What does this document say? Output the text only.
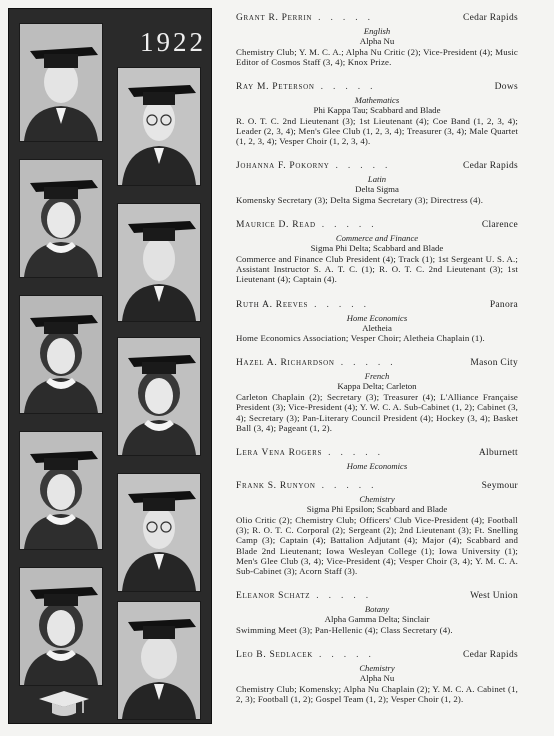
1922
Grant R. Perrin .....	Cedar Rapids
English
Alpha Nu
Chemistry Club; Y. M. C. A.; Alpha Nu Critic (2); Vice-President (4); Music Editor of Cosmos Staff (3, 4); Knox Prize.
Ray M. Peterson .....	Dows
Mathematics
Phi Kappa Tau; Scabbard and Blade
R. O. T. C. 2nd Lieutenant (3); 1st Lieutenant (4); Coe Band (1, 2, 3, 4); Leader (2, 3, 4); Men's Glee Club (1, 2, 3, 4); Treasurer (3, 4); Male Quartet (1, 2, 3, 4); Vesper Choir (1, 2, 3, 4).
Johanna F. Pokorny .....	Cedar Rapids
Latin
Delta Sigma
Komensky Secretary (3); Delta Sigma Secretary (3); Directress (4).
Maurice D. Read .....	Clarence
Commerce and Finance
Sigma Phi Delta; Scabbard and Blade
Commerce and Finance Club President (4); Track (1); 1st Sergeant U. S. A.; Assistant Instructor S. A. T. C. (1); R. O. T. C. 2nd Lieutenant (3); 1st Lieutenant (4); Captain (4).
Ruth A. Reeves .....	Panora
Home Economics
Aletheia
Home Economics Association; Vesper Choir; Aletheia Chaplain (1).
Hazel A. Richardson .....	Mason City
French
Kappa Delta; Carleton
Carleton Chaplain (2); Secretary (3); Treasurer (4); L'Alliance Française President (3); Vice-President (4); Y. W. C. A. Sub-Cabinet (1, 2); Cabinet (3, 4); Secretary (3); Pan-Literary Council President (4); Hockey (3, 4); Basket Ball (3, 4); Pageant (1, 2).
Lera Vena Rogers .....	Alburnett
Home Economics
Frank S. Runyon .....	Seymour
Chemistry
Sigma Phi Epsilon; Scabbard and Blade
Olio Critic (2); Chemistry Club; Officers' Club Vice-President (4); Football (3); R. O. T. C. Corporal (2); Sergeant (2); 2nd Lieutenant (3); Ft. Snelling Camp (3); Captain (4); Battalion Adjutant (4); Major (4); Scabbard and Blade 2nd Lieutenant; Iowa Wesleyan College (1); Iowa University (1); Men's Glee Club (3, 4); Vice-President (4); Vesper Choir (3, 4); Y. M. C. A. Sub-Cabinet (3); Acorn Staff (3).
Eleanor Schatz .....	West Union
Botany
Alpha Gamma Delta; Sinclair
Swimming Meet (3); Pan-Hellenic (4); Class Secretary (4).
Leo B. Sedlacek .....	Cedar Rapids
Chemistry
Alpha Nu
Chemistry Club; Komensky; Alpha Nu Chaplain (2); Y. M. C. A. Cabinet (1, 2, 3); Football (1, 2); Gospel Team (1, 2); Vesper Choir (1, 2).
